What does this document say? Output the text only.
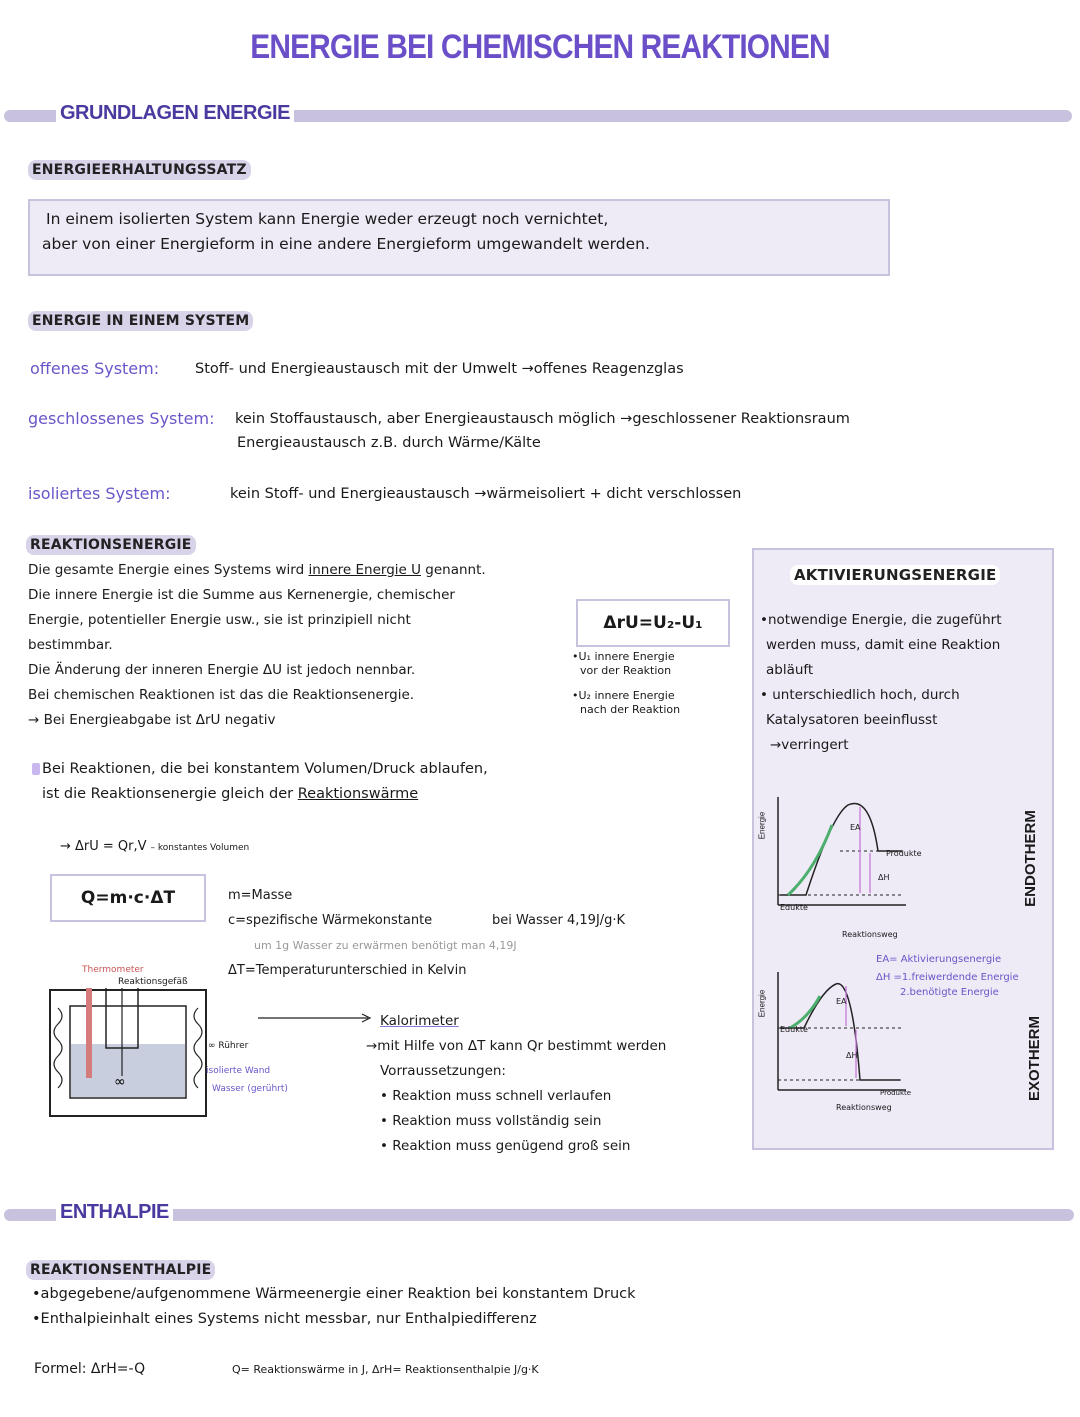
ENERGIE BEI CHEMISCHEN REAKTIONEN
GRUNDLAGEN ENERGIE
ENERGIEERHALTUNGSSATZ
In einem isolierten System kann Energie weder erzeugt noch vernichtet,
aber von einer Energieform in eine andere Energieform umgewandelt werden.
ENERGIE IN EINEM SYSTEM
offenes System: Stoff- und Energieaustausch mit der Umwelt →offenes Reagenzglas
geschlossenes System: kein Stoffaustausch, aber Energieaustausch möglich →geschlossener Reaktionsraum
Energieaustausch z.B. durch Wärme/Kälte
isoliertes System:	kein Stoff- und Energieaustausch →wärmeisoliert + dicht verschlossen
REAKTIONSENERGIE
Die gesamte Energie eines Systems wird innere Energie U genannt.
Die innere Energie ist die Summe aus Kernenergie, chemischer
Energie, potentieller Energie usw., sie ist prinzipiell nicht
bestimmbar.
Die Änderung der inneren Energie ΔU ist jedoch nennbar.
Bei chemischen Reaktionen ist das die Reaktionsenergie.
→ Bei Energieabgabe ist ΔrU negativ
ΔrU=U₂-U₁
•U₁ innere Energie
vor der Reaktion
•U₂ innere Energie
nach der Reaktion
Bei Reaktionen, die bei konstantem Volumen/Druck ablaufen,
ist die Reaktionsenergie gleich der Reaktionswärme
→ ΔrU = Qr,V – konstantes Volumen
Q=m·c·ΔT	m=Masse
c=spezifische Wärmekonstante	bei Wasser 4,19J/g·K
um 1g Wasser zu erwärmen benötigt man 4,19J
ΔT=Temperaturunterschied in Kelvin
Thermometer
Reaktionsgefäß
∞
∞ Rührer
isolierte Wand
Wasser (gerührt)
Kalorimeter
→mit Hilfe von ΔT kann Qr bestimmt werden
Vorraussetzungen:
• Reaktion muss schnell verlaufen
• Reaktion muss vollständig sein
• Reaktion muss genügend groß sein
AKTIVIERUNGSENERGIE
•notwendige Energie, die zugeführt
werden muss, damit eine Reaktion
abläuft
• unterschiedlich hoch, durch
Katalysatoren beeinflusst
→verringert
Energie
Edukte
Produkte
EA
ΔH
Reaktionsweg
ENDOTHERM
EA= Aktivierungsenergie
ΔH =1.freiwerdende Energie
2.benötigte Energie
Energie
Edukte
EA
ΔH
Produkte
Reaktionsweg
EXOTHERM
ENTHALPIE
REAKTIONSENTHALPIE
•abgegebene/aufgenommene Wärmeenergie einer Reaktion bei konstantem Druck
•Enthalpieinhalt eines Systems nicht messbar, nur Enthalpiedifferenz
Formel: ΔrH=-Q	Q= Reaktionswärme in J, ΔrH= Reaktionsenthalpie J/g·K
